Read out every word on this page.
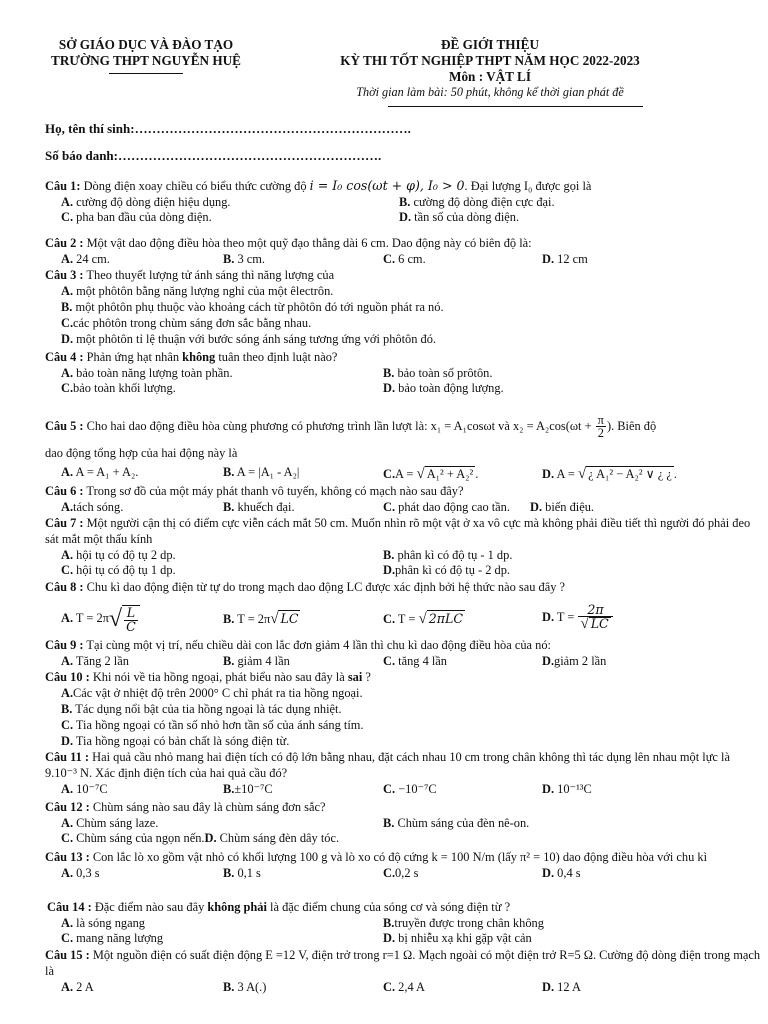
SỞ GIÁO DỤC VÀ ĐÀO TẠO
TRƯỜNG THPT NGUYỄN HUỆ
ĐỀ GIỚI THIỆU
KỲ THI TỐT NGHIỆP THPT NĂM HỌC 2022-2023
Môn : VẬT LÍ
Thời gian làm bài: 50 phút, không kể thời gian phát đề
Họ, tên thí sinh:……………………………………………………….
Số báo danh:…………………………………………………….
Câu 1: Dòng điện xoay chiều có biểu thức cường độ i = I₀ cos(ωt + φ), I₀ > 0. Đại lượng I₀ được gọi là
A. cường độ dòng điện hiệu dụng.	B. cường độ dòng điện cực đại.
C. pha ban đầu của dòng điện.	D. tần số của dòng điện.
Câu 2 : Một vật dao động điều hòa theo một quỹ đạo thẳng dài 6 cm. Dao động này có biên độ là:
A. 24 cm.	B. 3 cm.	C. 6 cm.	D. 12 cm
Câu 3 : Theo thuyết lượng tử ánh sáng thì năng lượng của
A. một phôtôn bằng năng lượng nghỉ của một êlectrôn.
B. một phôtôn phụ thuộc vào khoảng cách từ phôtôn đó tới nguồn phát ra nó.
C.các phôtôn trong chùm sáng đơn sắc bằng nhau.
D. một phôtôn tỉ lệ thuận với bước sóng ánh sáng tương ứng với phôtôn đó.
Câu 4 : Phản ứng hạt nhân không tuân theo định luật nào?
A. bảo toàn năng lượng toàn phần.	B. bảo toàn số prôtôn.
C.bảo toàn khối lượng.	D. bảo toàn động lượng.
Câu 5 : Cho hai dao động điều hòa cùng phương có phương trình lần lượt là: x₁ = A₁cosωt và $x_2 = A_2\cos(\omega t + \frac{\pi}{2}$ ). Biên độ
dao động tổng hợp của hai động này là
A. A = A₁ + A₂.	B. A = |A₁ - A₂|	C.A = √ A₁² + A₂² .	D. A = √ ¿ A₁² − A₂² ∨ ¿ ¿ .
Câu 6 : Trong sơ đồ của một máy phát thanh vô tuyến, không có mạch nào sau đây?
A.tách sóng.	B. khuếch đại.	C. phát dao động cao tần. D. biến điệu.
Câu 7 : Một người cận thị có điểm cực viễn cách mắt 50 cm. Muốn nhìn rõ một vật ở xa vô cực mà không phải điều tiết thì người đó phải đeo sát mắt một thấu kính
A. hội tụ có độ tụ 2 dp.	B. phân kì có độ tụ - 1 dp.
C. hội tụ có độ tụ 1 dp.	D.phân kì có độ tụ - 2 dp.
Câu 8 : Chu kì dao động điện từ tự do trong mạch dao động LC được xác định bởi hệ thức nào sau đây ?
A. $T = 2\pi√ \frac{L}{C}$	B. T = 2π√ LC	C. T = √ 2πLC	D. $T = \frac{2\pi}{√ LC}$
Câu 9 : Tại cùng một vị trí, nếu chiều dài con lắc đơn giảm 4 lần thì chu kì dao động điều hòa của nó:
A. Tăng 2 lần	B. giảm 4 lần	C. tăng 4 lần	D.giảm 2 lần
Câu 10 : Khi nói về tia hồng ngoại, phát biểu nào sau đây là sai ?
A.Các vật ở nhiệt độ trên 2000° C chỉ phát ra tia hồng ngoại.
B. Tác dụng nổi bật của tia hồng ngoại là tác dụng nhiệt.
C. Tia hồng ngoại có tần số nhỏ hơn tần số của ánh sáng tím.
D. Tia hồng ngoại có bản chất là sóng điện từ.
Câu 11 : Hai quả cầu nhỏ mang hai điện tích có độ lớn bằng nhau, đặt cách nhau 10 cm trong chân không thì tác dụng lên nhau một lực là 9.10⁻³ N. Xác định điện tích của hai quả cầu đó?
A. 10⁻⁷C	B.±10⁻⁷C	C. −10⁻⁷C	D. 10⁻¹³C
Câu 12 : Chùm sáng nào sau đây là chùm sáng đơn sắc?
A. Chùm sáng laze.	B. Chùm sáng của đèn nê-on.
C. Chùm sáng của ngọn nến.D. Chùm sáng đèn dây tóc.
Câu 13 : Con lắc lò xo gồm vật nhỏ có khối lượng 100 g và lò xo có độ cứng k = 100 N/m (lấy π² = 10) dao động điều hòa với chu kì
A. 0,3 s	B. 0,1 s	C.0,2 s	D. 0,4 s
Câu 14 : Đặc điểm nào sau đây không phải là đặc điểm chung của sóng cơ và sóng điện từ ?
A. là sóng ngang	B.truyền được trong chân không
C. mang năng lượng	D. bị nhiễu xạ khi gặp vật cản
Câu 15 : Một nguồn điện có suất điện động E =12 V, điện trở trong r=1 Ω. Mạch ngoài có một điện trở R=5 Ω. Cường độ dòng điện trong mạch là
A. 2 A	B. 3 A(.)	C. 2,4 A	D. 12 A
